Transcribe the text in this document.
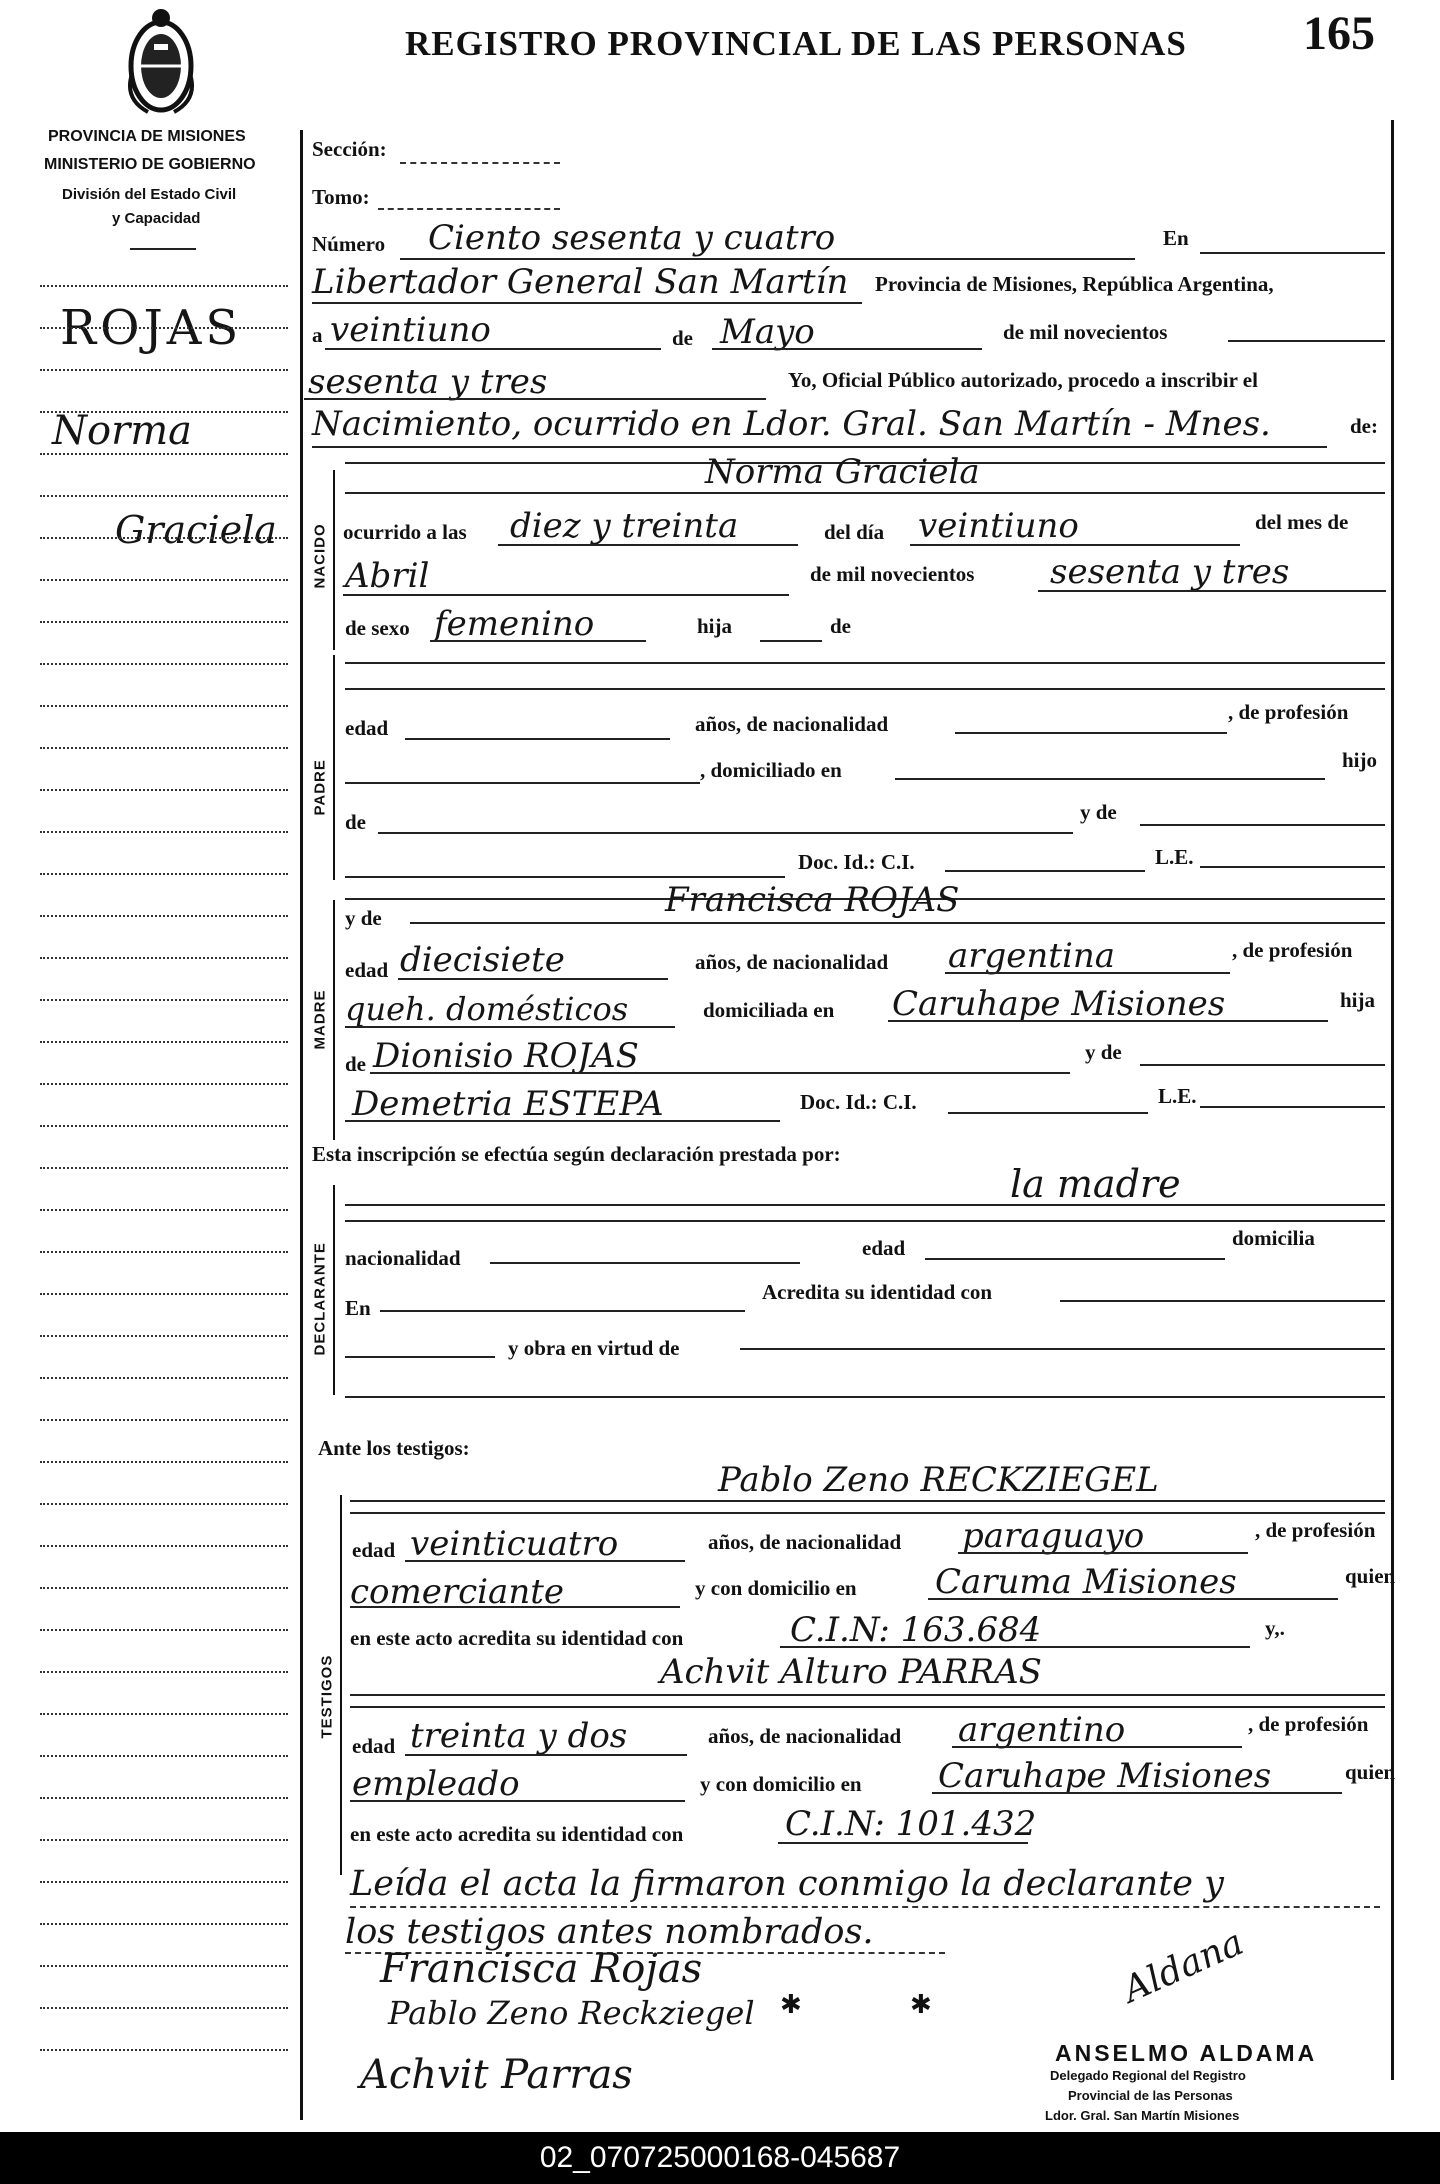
REGISTRO PROVINCIAL DE LAS PERSONAS 165
PROVINCIA DE MISIONES
MINISTERIO DE GOBIERNO
División del Estado Civil
y Capacidad
ROJAS
Norma
Graciela NACIDO
PADRE
MADRE
DECLARANTE
TESTIGOS
Sección:
Tomo:
Número Ciento sesenta y cuatro	En
Libertador General San Martín Provincia de Misiones, República Argentina,
a veintiuno	de Mayo	de mil novecientos
sesenta y tres	Yo, Oficial Público autorizado, procedo a inscribir el
Nacimiento, ocurrido en Ldor. Gral. San Martín - Mnes.	de:
Norma Graciela
ocurrido a las diez y treinta	del día veintiuno	del mes de
Abril	de mil novecientos sesenta y tres
de sexo femenino	hija	de
edad	años, de nacionalidad	, de profesión
, domiciliado en	hijo
de	y de
Doc. Id.: C.I.	L.E.
y de	Francisca ROJAS
edad diecisiete	años, de nacionalidad argentina	, de profesión
queh. domésticos	domiciliada en Caruhape Misiones	hija
de Dionisio ROJAS	y de
Demetria ESTEPA	Doc. Id.: C.I.	L.E.
Esta inscripción se efectúa según declaración prestada por:
la madre
nacionalidad	edad	domicilia
En
Acredita su identidad con
y obra en virtud de
Ante los testigos:
Pablo Zeno RECKZIEGEL
edad veinticuatro	años, de nacionalidad paraguayo	, de profesión
comerciante	y con domicilio en Caruma Misiones	quien
en este acto acredita su identidad con	C.I.N: 163.684	y,.
Achvit Alturo PARRAS
edad treinta y dos	años, de nacionalidad argentino	, de profesión
empleado	y con domicilio en Caruhape Misiones	quien
en este acto acredita su identidad con	C.I.N: 101.432
Leída el acta la firmaron conmigo la declarante y
los testigos antes nombrados.
Francisca Rojas
Pablo Zeno Reckziegel
Achvit Parras
Aldana
✱	✱
ANSELMO ALDAMA
Delegado Regional del Registro
Provincial de las Personas
Ldor. Gral. San Martín Misiones
02_070725000168-045687
